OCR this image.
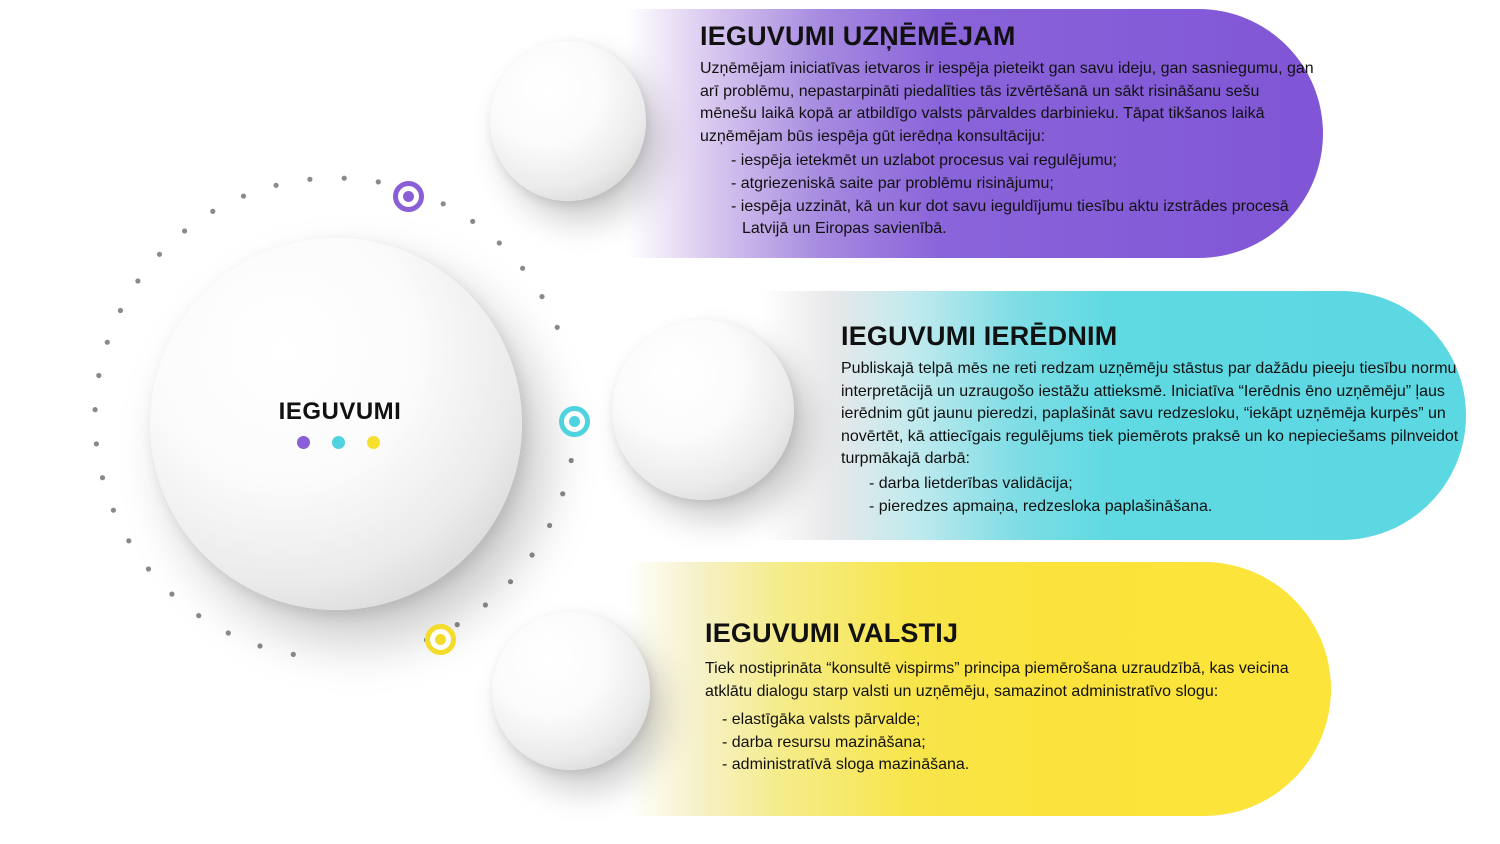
IEGUVUMI
IEGUVUMI UZŅĒMĒJAM

Uzņēmējam iniciatīvas ietvaros ir iespēja pieteikt gan savu ideju, gan sasniegumu, gan arī problēmu, nepastarpināti piedalīties tās izvērtēšanā un sākt risināšanu sešu mēnešu laikā kopā ar atbildīgo valsts pārvaldes darbinieku. Tāpat tikšanos laikā uzņēmējam būs iespēja gūt ierēdņa konsultāciju:

- iespēja ietekmēt un uzlabot procesus vai regulējumu;
- atgriezeniskā saite par problēmu risinājumu;
- iespēja uzzināt, kā un kur dot savu ieguldījumu tiesību aktu izstrādes procesā Latvijā un Eiropas savienībā.
IEGUVUMI IERĒDNIM

Publiskajā telpā mēs ne reti redzam uzņēmēju stāstus par dažādu pieeju tiesību normu interpretācijā un uzraugošo iestāžu attieksmē. Iniciatīva “Ierēdnis ēno uzņēmēju” ļaus ierēdnim gūt jaunu pieredzi, paplašināt savu redzesloku, “iekāpt uzņēmēja kurpēs” un novērtēt, kā attiecīgais regulējums tiek piemērots praksē un ko nepieciešams pilnveidot turpmākajā darbā:

- darba lietderības validācija;
- pieredzes apmaiņa, redzesloka paplašināšana.
IEGUVUMI VALSTIJ

Tiek nostiprināta “konsultē vispirms” principa piemērošana uzraudzībā, kas veicina atklātu dialogu starp valsti un uzņēmēju, samazinot administratīvo slogu:

- elastīgāka valsts pārvalde;
- darba resursu mazināšana;
- administratīvā sloga mazināšana.
